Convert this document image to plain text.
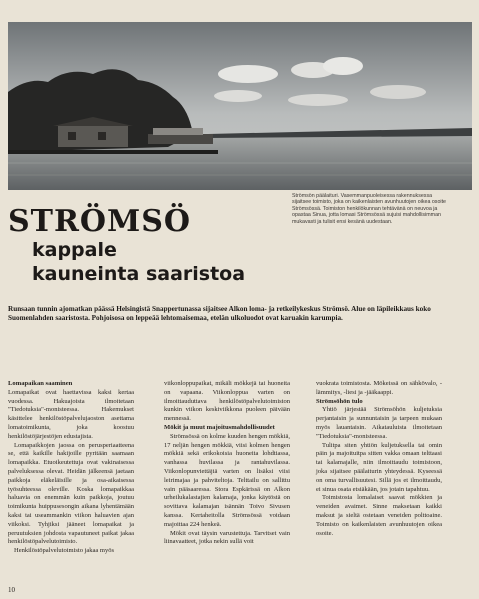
Strömsön päälaituri. Vasemmanpuoleisessa rakennuksessa sijaitsee toimisto, joka on kaikenlaisten avunhuutojen oikea osoite Strömsössä. Toimiston henkilökunnan tehtävänä on neuvoa ja opastaa Sinua, jotta lomasi Strömsössä sujuisi mahdollisimman mukavasti ja tulisit ensi kesänä uudestaan.
STRÖMSÖ
kappale
kauneinta saaristoa
Runsaan tunnin ajomatkan päässä Helsingistä Snappertunassa sijaitsee Alkon loma- ja retkeilykeskus Strömsö. Alue on läpileikkaus koko Suomenlahden saaristosta. Pohjoisosa on leppeää lehtomaisemaa, etelän ulkoluodot ovat karuakin karumpia.
Lomapaikan saaminen

Lomapaikat ovat haettavissa kaksi kertaa vuodessa. Hakuajoista ilmoitetaan "Tiedotuksia"-monisteessa. Hakemukset käsittelee henkilöstöpalvelujaoston asettama lomatoimikunta, joka koostuu henkilöstöjärjestöjen edustajista.

Lomapaikkojen jaossa on perusperiaatteena se, että kaikille hakijoille pyritään saamaan lomapaikka. Etuoikeutettuja ovat vakinaisessa palveluksessa olevat. Heidän jälkeensä jaetaan paikkoja eläkeläisille ja osa-aikaisessa työsuhteessa oleville. Koska lomapaikkaa haluavia on enemmän kuin paikkoja, joutuu toimikunta huippusesongin aikana lyhentämään kaksi tai useammankin viikon haluavien ajan viikoksi. Tyhjiksi jääneet lomapaikat ja peruutuksien johdosta vapautuneet paikat jakaa henkilöstöpalvelutoimisto.

Henkilöstöpalvelutoimisto jakaa myös

viikonloppupaikat, mikäli mökkejä tai huoneita on vapaana. Viikonloppua varten on ilmoittauduttava henkilöstöpalvelutoimiston kunkin viikon keskiviikkona puoleen päivään mennessä.

Mökit ja muut majoitusmahdollisuudet

Strömsössä on kolme kuuden hengen mökkiä, 17 neljän hengen mökkiä, viisi kolmen hengen mökkiä sekä erikokoisia huoneita lohdtiassa, vanhassa huvilassa ja rantahuvilassa. Viikonlopunviettäjiä varten on lisäksi viisi leirimajaa ja pahviteltoja. Telttailu on sallittu vain pääsaaressa. Stora Espkärissä on Alkon urheilukalastajien kalamaja, jonka käytöstä on sovittava kalamajan isännän Toivo Sivusen kanssa. Kertaheitolla Strömsössä voidaan majoittaa 224 henkeä.

Mökit ovat täysin varustettuja. Tarvitset vain liinavaatteet, jotka nekin sullä voit

vuokrata toimistosta. Mökeissä on sähkövalo, -lämmitys, -liesi ja -jääkaappi.

Strömsöhön tulo

Yhtiö järjestää Strömsöhön kuljetuksia perjantaisin ja sunnuntaisin ja tarpeen mukaan myös lauantaisin. Aikatauluista ilmoitetaan "Tiedotuksia"-monisteessa.

Tulitpa siten yhtiön kuljetuksella tai omin päin ja majoituitpa sitten vakka omaan telttaasi tai kalamajalle, niin ilmoittaudu toimistoon, joka sijaitsee päälaiturin yhteydessä. Kyseessä on oma turvallisuutesi. Sillä jos et ilmoittaudu, ei sinua osata etsiäkään, jos jotain tapahtuu.

Toimistosta lomalaiset saavat mökkien ja veneiden avaimet. Sinne maksetaan kaikki maksut ja sieltä ostetaan veneiden polttoaine. Toimisto on kaikenlaisten avunhuutojen oikea osoite.

10
